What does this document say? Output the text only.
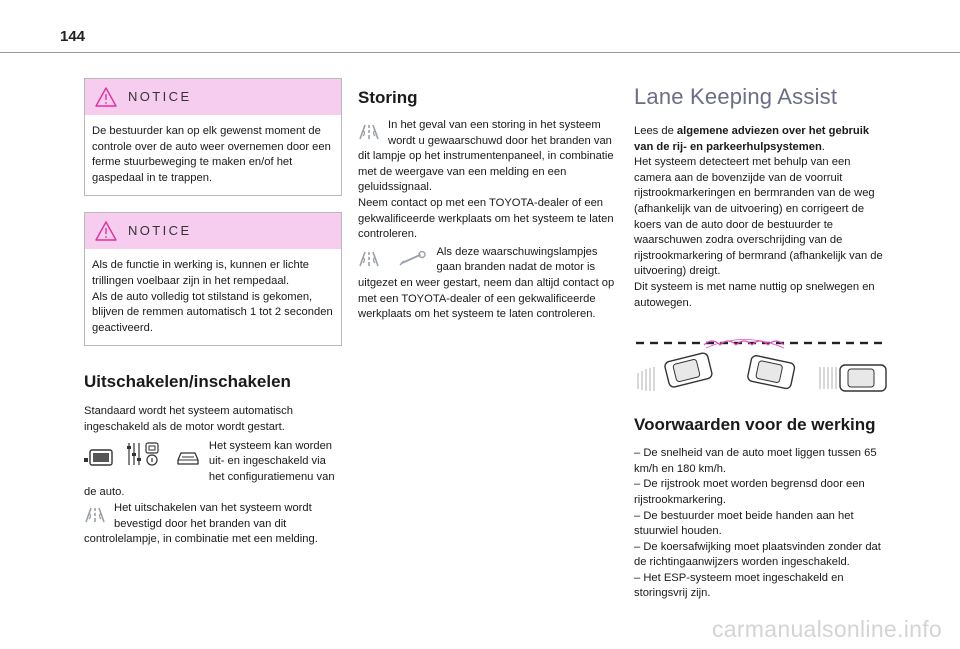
144
NOTICE

De bestuurder kan op elk gewenst moment de controle over de auto weer overnemen door een ferme stuurbeweging te maken en/of het gaspedaal in te trappen.

NOTICE

Als de functie in werking is, kunnen er lichte trillingen voelbaar zijn in het rempedaal.

Als de auto volledig tot stilstand is gekomen, blijven de remmen automatisch 1 tot 2 seconden geactiveerd.

Uitschakelen/inschakelen

Standaard wordt het systeem automatisch ingeschakeld als de motor wordt gestart.

Het systeem kan worden uit- en ingeschakeld via het configuratiemenu van de auto.

Het uitschakelen van het systeem wordt bevestigd door het branden van dit controlelampje, in combinatie met een melding.

Storing

In het geval van een storing in het systeem wordt u gewaarschuwd door het branden van dit lampje op het instrumentenpaneel, in combinatie met de weergave van een melding en een geluidssignaal.

Neem contact op met een TOYOTA-dealer of een gekwalificeerde werkplaats om het systeem te laten controleren.

Als deze waarschuwingslampjes gaan branden nadat de motor is uitgezet en weer gestart, neem dan altijd contact op met een TOYOTA-dealer of een gekwalificeerde werkplaats om het systeem te laten controleren.

Lane Keeping Assist

Lees de algemene adviezen over het gebruik van de rij- en parkeerhulpsystemen.

Het systeem detecteert met behulp van een camera aan de bovenzijde van de voorruit rijstrookmarkeringen en bermranden van de weg (afhankelijk van de uitvoering) en corrigeert de koers van de auto door de bestuurder te waarschuwen zodra overschrijding van de rijstrookmarkering of bermrand (afhankelijk van de uitvoering) dreigt.

Dit systeem is met name nuttig op snelwegen en autowegen.

Voorwaarden voor de werking

– De snelheid van de auto moet liggen tussen 65 km/h en 180 km/h.

– De rijstrook moet worden begrensd door een rijstrookmarkering.

– De bestuurder moet beide handen aan het stuurwiel houden.

– De koersafwijking moet plaatsvinden zonder dat de richtingaanwijzers worden ingeschakeld.

– Het ESP-systeem moet ingeschakeld en storingsvrij zijn.

carmanualsonline.info
